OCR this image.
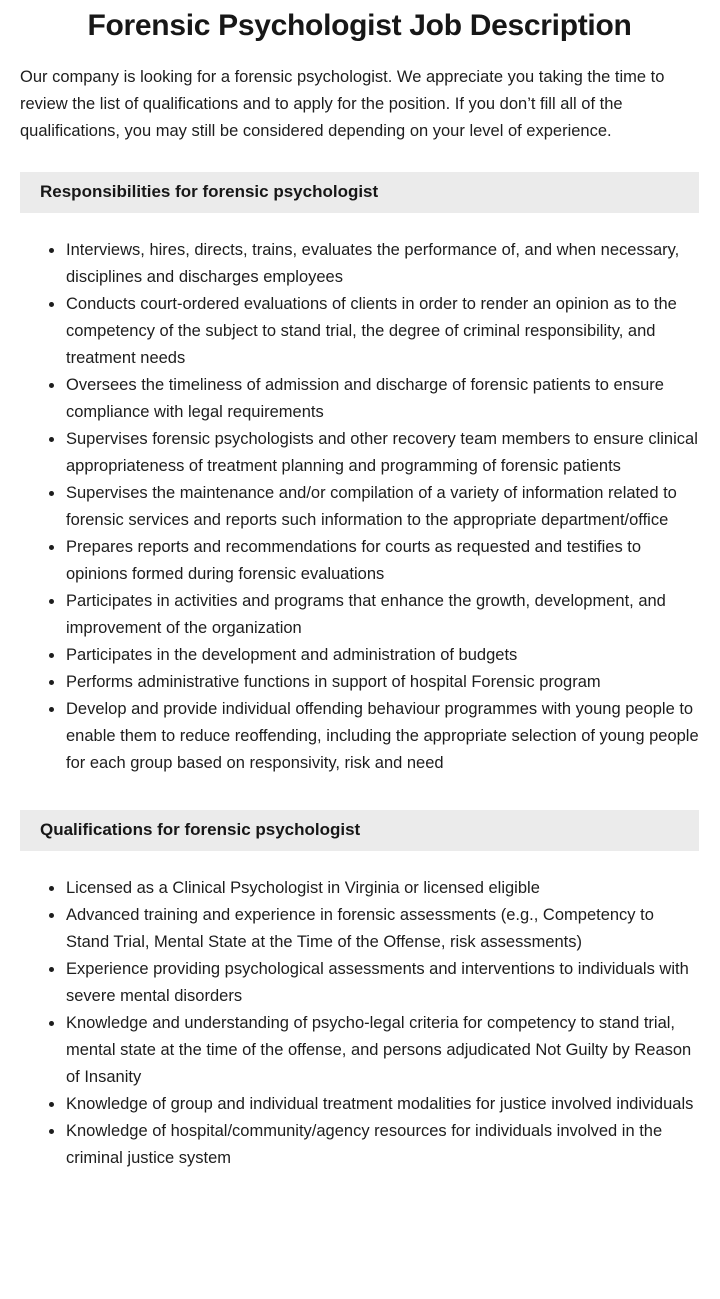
Forensic Psychologist Job Description

Our company is looking for a forensic psychologist. We appreciate you taking the time to review the list of qualifications and to apply for the position. If you don’t fill all of the qualifications, you may still be considered depending on your level of experience.

Responsibilities for forensic psychologist
Interviews, hires, directs, trains, evaluates the performance of, and when necessary, disciplines and discharges employees
Conducts court-ordered evaluations of clients in order to render an opinion as to the competency of the subject to stand trial, the degree of criminal responsibility, and treatment needs
Oversees the timeliness of admission and discharge of forensic patients to ensure compliance with legal requirements
Supervises forensic psychologists and other recovery team members to ensure clinical appropriateness of treatment planning and programming of forensic patients
Supervises the maintenance and/or compilation of a variety of information related to forensic services and reports such information to the appropriate department/office
Prepares reports and recommendations for courts as requested and testifies to opinions formed during forensic evaluations
Participates in activities and programs that enhance the growth, development, and improvement of the organization
Participates in the development and administration of budgets
Performs administrative functions in support of hospital Forensic program
Develop and provide individual offending behaviour programmes with young people to enable them to reduce reoffending, including the appropriate selection of young people for each group based on responsivity, risk and need
Qualifications for forensic psychologist
Licensed as a Clinical Psychologist in Virginia or licensed eligible
Advanced training and experience in forensic assessments (e.g., Competency to Stand Trial, Mental State at the Time of the Offense, risk assessments)
Experience providing psychological assessments and interventions to individuals with severe mental disorders
Knowledge and understanding of psycho-legal criteria for competency to stand trial, mental state at the time of the offense, and persons adjudicated Not Guilty by Reason of Insanity
Knowledge of group and individual treatment modalities for justice involved individuals
Knowledge of hospital/community/agency resources for individuals involved in the criminal justice system
